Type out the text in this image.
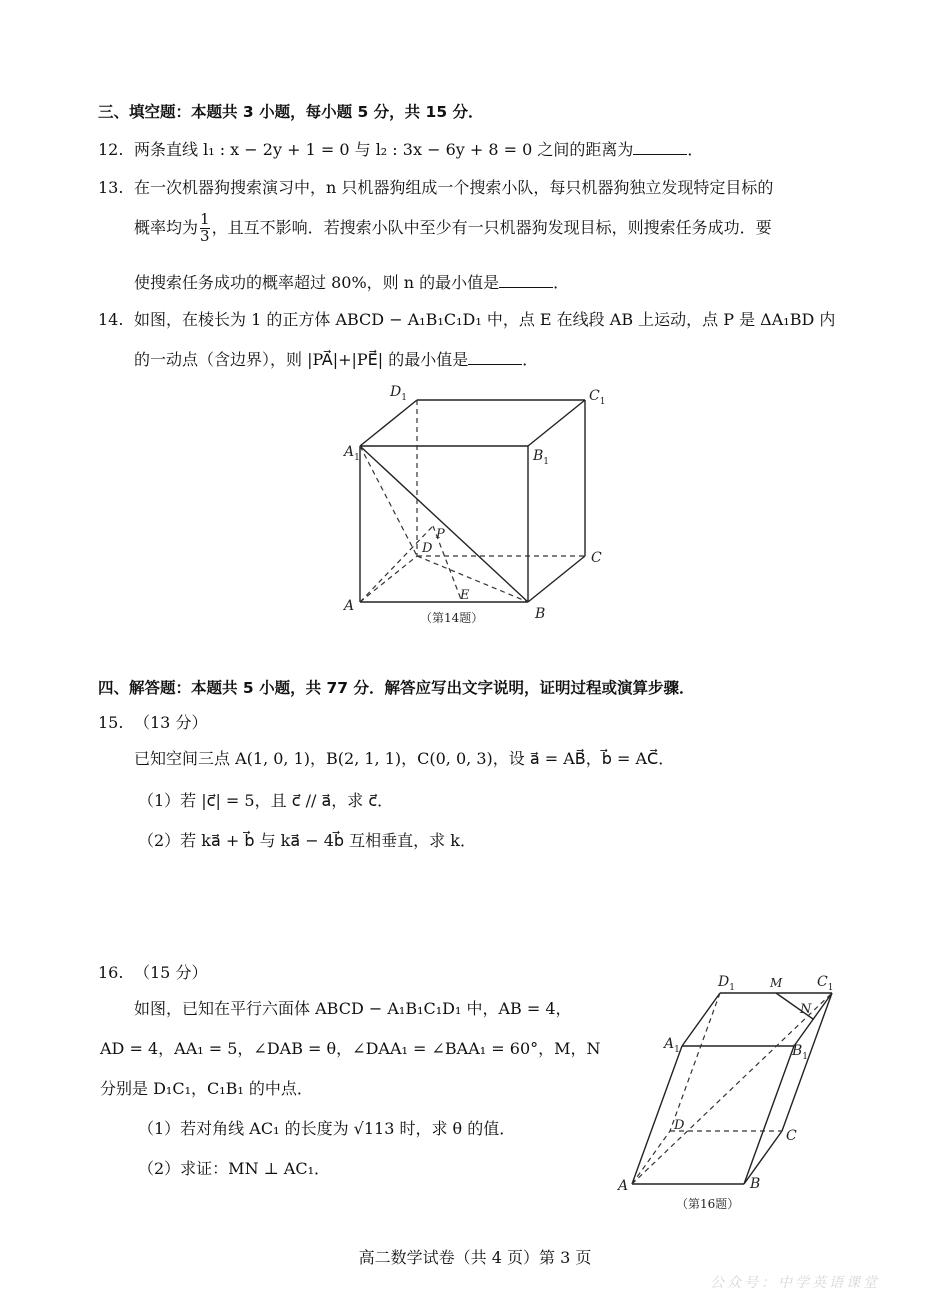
三、填空题：本题共 3 小题，每小题 5 分，共 15 分．
12. 两条直线 l₁ : x − 2y + 1 = 0 与 l₂ : 3x − 6y + 8 = 0 之间的距离为	．
13. 在一次机器狗搜索演习中，n 只机器狗组成一个搜索小队，每只机器狗独立发现特定目标的
概率均为 $\frac{1}{3}$ ，且互不影响．若搜索小队中至少有一只机器狗发现目标，则搜索任务成功．要
使搜索任务成功的概率超过 80%，则 n 的最小值是	．
14. 如图，在棱长为 1 的正方体 ABCD − A₁B₁C₁D₁ 中，点 E 在线段 AB 上运动，点 P 是 ΔA₁BD 内
的一动点（含边界），则 |PA⃗|+|PE⃗| 的最小值是	．
$A_1$
$D_1$	$C_1$
$B_1$
P
D
C
A
E
B
（第14题）
四、解答题：本题共 5 小题，共 77 分．解答应写出文字说明，证明过程或演算步骤．
15. （13 分）
已知空间三点 A(1, 0, 1)，B(2, 1, 1)，C(0, 0, 3)，设 a⃗ = AB⃗，b⃗ = AC⃗．
（1）若 |c⃗| = 5，且 c⃗ // a⃗，求 c⃗．
（2）若 ka⃗ + b⃗ 与 ka⃗ − 4b⃗ 互相垂直，求 k．
16. （15 分）
如图，已知在平行六面体 ABCD − A₁B₁C₁D₁ 中，AB = 4，
AD = 4，AA₁ = 5，∠DAB = θ，∠DAA₁ = ∠BAA₁ = 60°，M，N
分别是 D₁C₁，C₁B₁ 的中点．
（1）若对角线 AC₁ 的长度为 √113 时，求 θ 的值．
（2）求证：MN ⊥ AC₁．
$D_1$	M $C_1$
N
$A_1$	$B_1$
D
C
A	B
（第16题）
高二数学试卷（共 4 页）第 3 页
公众号：中学英语课堂
